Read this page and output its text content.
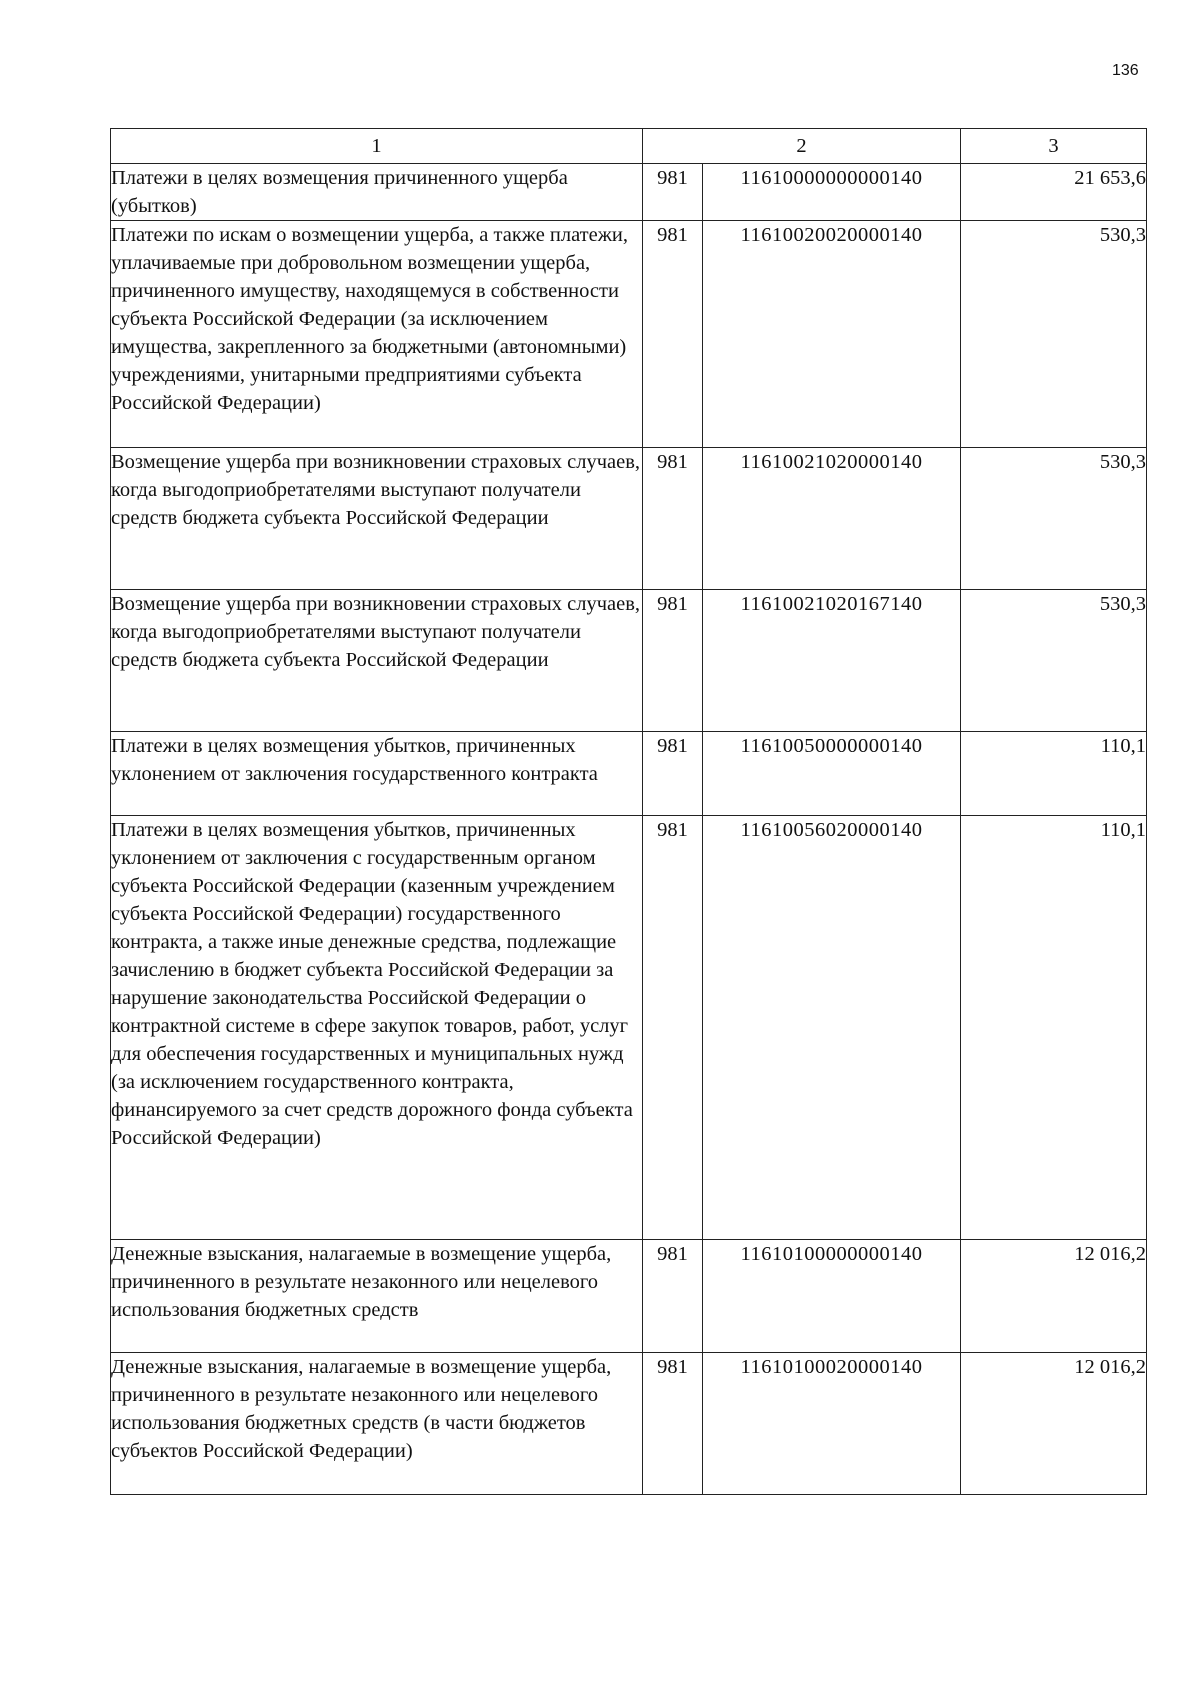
136
1	2		3
Платежи в целях возмещения причиненного ущерба (убытков)	981	11610000000000140	21 653,6
Платежи по искам о возмещении ущерба, а также платежи, уплачиваемые при добровольном возмещении ущерба, причиненного имуществу, находящемуся в собственности субъекта Российской Федерации (за исключением имущества, закрепленного за бюджетными (автономными) учреждениями, унитарными предприятиями субъекта Российской Федерации)	981	11610020020000140	530,3
Возмещение ущерба при возникновении страховых случаев, когда выгодоприобретателями выступают получатели средств бюджета субъекта Российской Федерации	981	11610021020000140	530,3
Возмещение ущерба при возникновении страховых случаев, когда выгодоприобретателями выступают получатели средств бюджета субъекта Российской Федерации	981	11610021020167140	530,3
Платежи в целях возмещения убытков, причиненных уклонением от заключения государственного контракта	981	11610050000000140	110,1
Платежи в целях возмещения убытков, причиненных уклонением от заключения с государственным органом субъекта Российской Федерации (казенным учреждением субъекта Российской Федерации) государственного контракта, а также иные денежные средства, подлежащие зачислению в бюджет субъекта Российской Федерации за нарушение законодательства Российской Федерации о контрактной системе в сфере закупок товаров, работ, услуг для обеспечения государственных и муниципальных нужд (за исключением государственного контракта, финансируемого за счет средств дорожного фонда субъекта Российской Федерации)	981	11610056020000140	110,1
Денежные взыскания, налагаемые в возмещение ущерба, причиненного в результате незаконного или нецелевого использования бюджетных средств	981	11610100000000140	12 016,2
Денежные взыскания, налагаемые в возмещение ущерба, причиненного в результате незаконного или нецелевого использования бюджетных средств (в части бюджетов субъектов Российской Федерации)	981	11610100020000140	12 016,2
